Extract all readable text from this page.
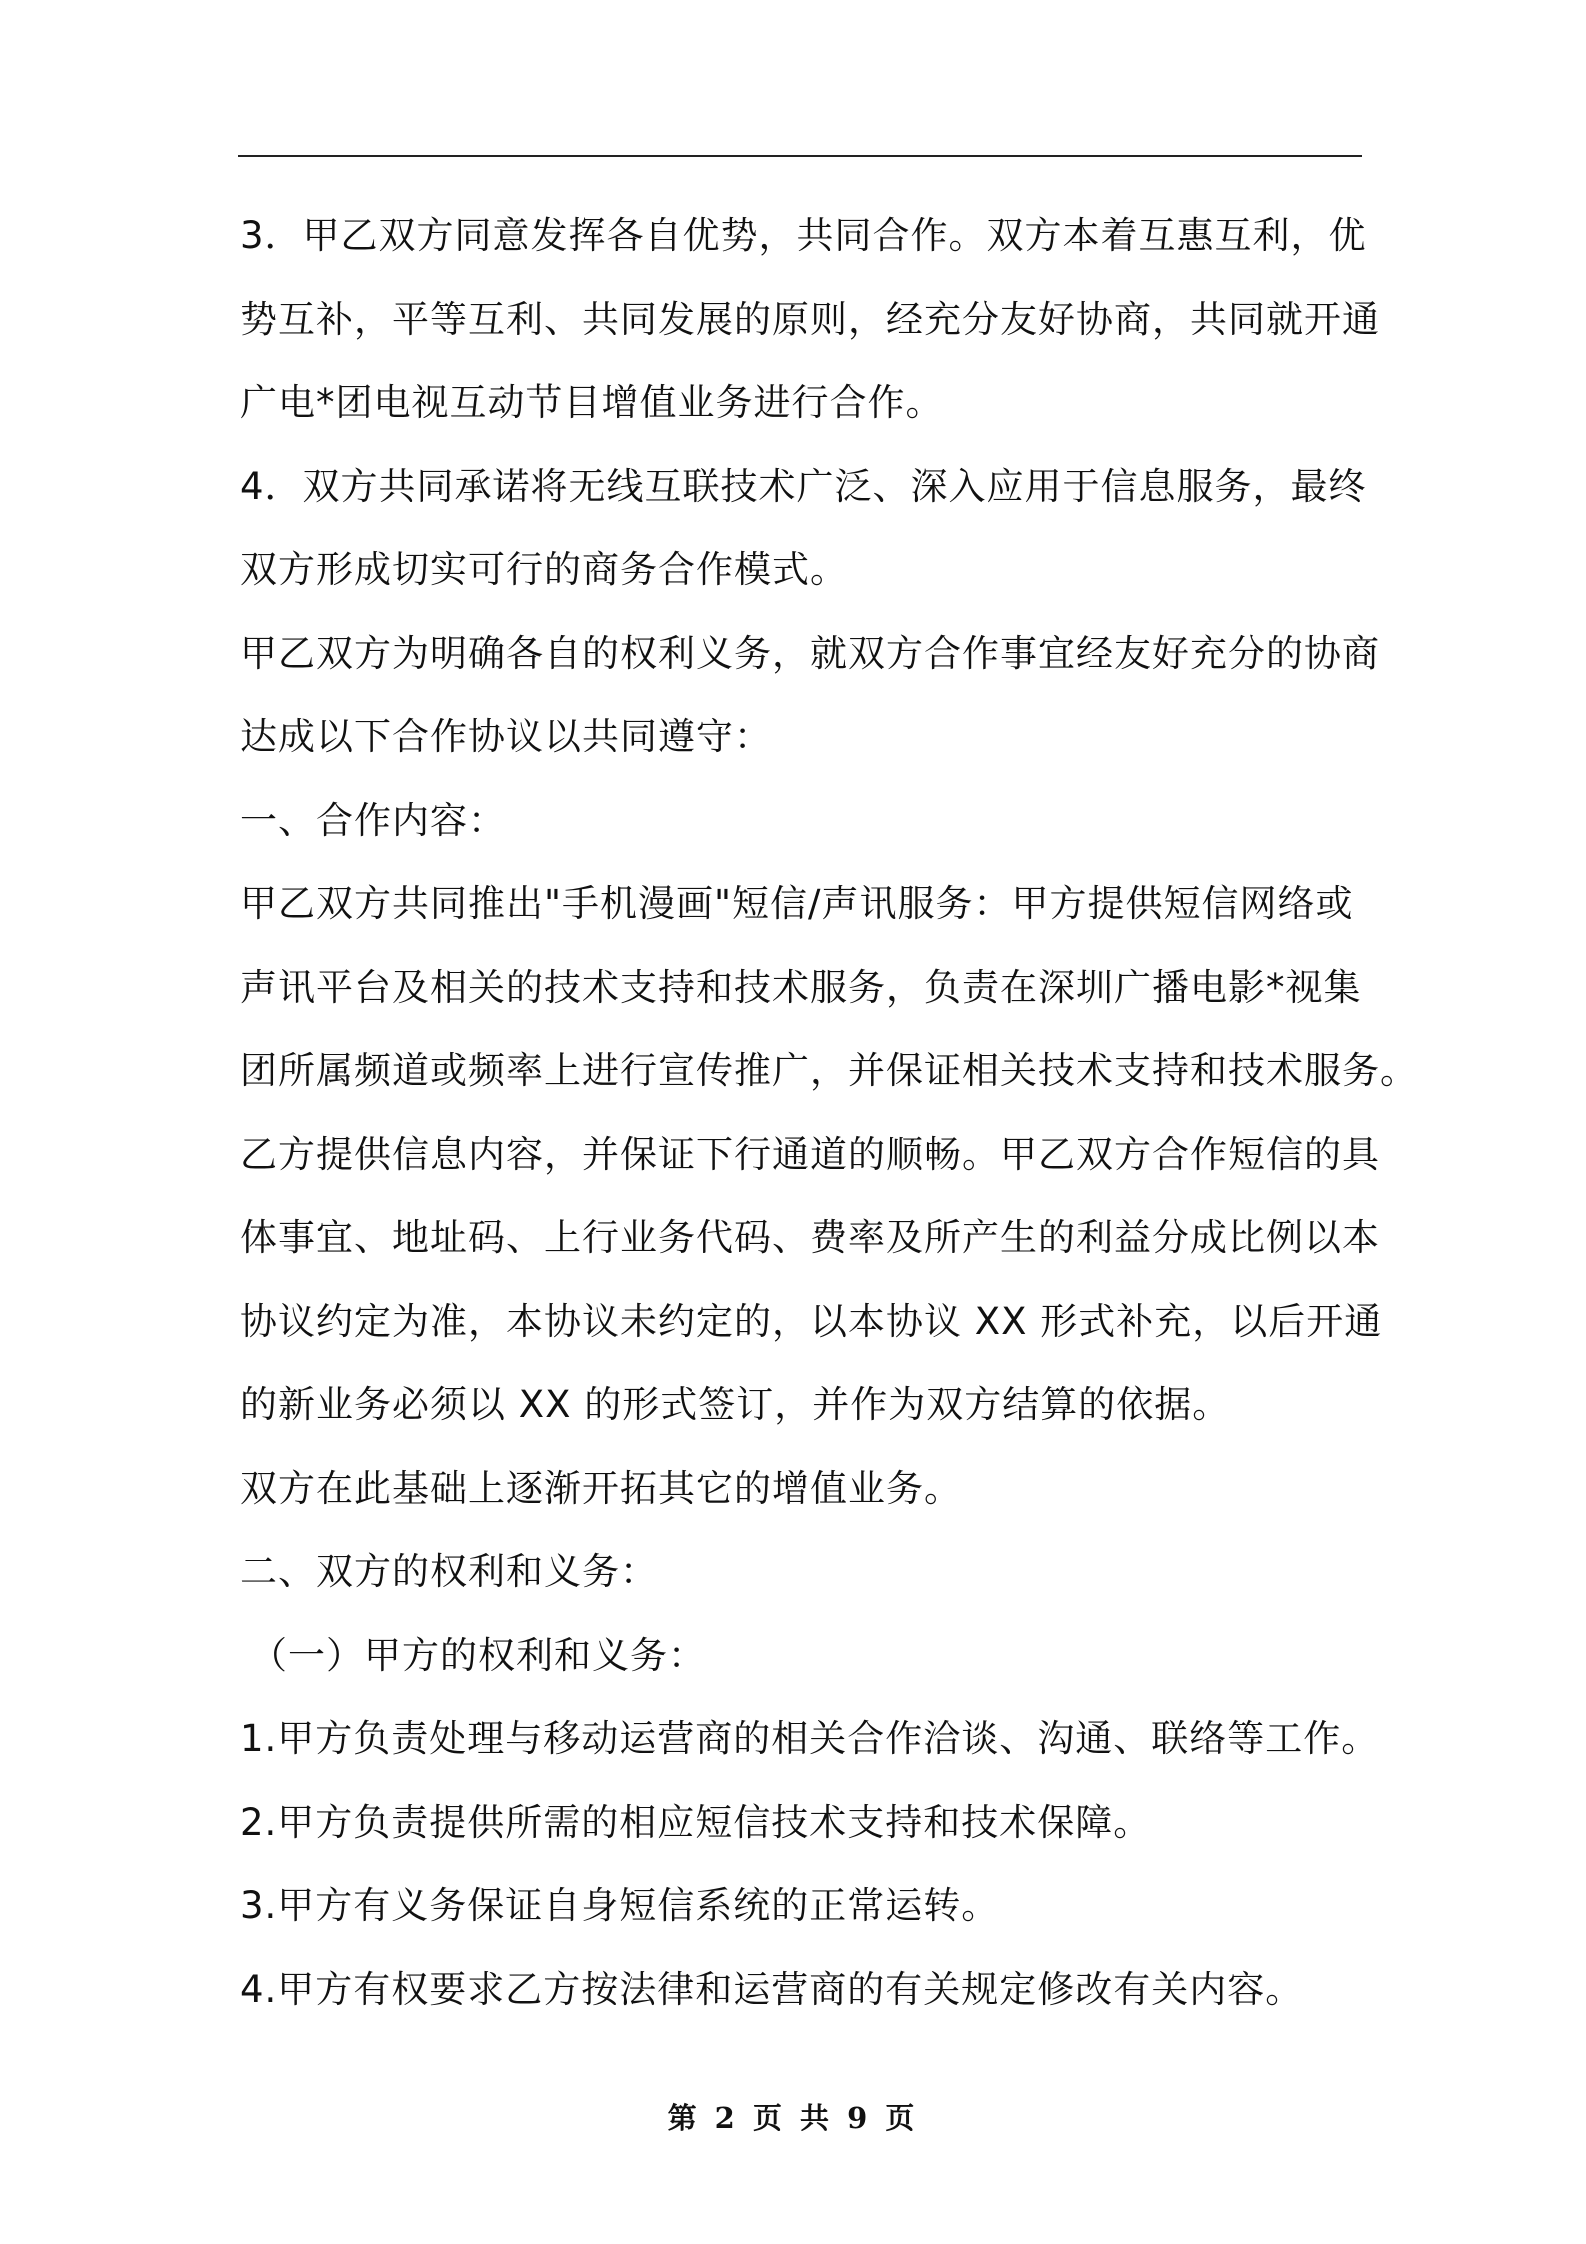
3．甲乙双方同意发挥各自优势，共同合作。双方本着互惠互利，优
势互补，平等互利、共同发展的原则，经充分友好协商，共同就开通
广电*团电视互动节目增值业务进行合作。
4．双方共同承诺将无线互联技术广泛、深入应用于信息服务，最终
双方形成切实可行的商务合作模式。
甲乙双方为明确各自的权利义务，就双方合作事宜经友好充分的协商
达成以下合作协议以共同遵守：
一、合作内容：
甲乙双方共同推出"手机漫画"短信/声讯服务：甲方提供短信网络或
声讯平台及相关的技术支持和技术服务，负责在深圳广播电影*视集
团所属频道或频率上进行宣传推广，并保证相关技术支持和技术服务。
乙方提供信息内容，并保证下行通道的顺畅。甲乙双方合作短信的具
体事宜、地址码、上行业务代码、费率及所产生的利益分成比例以本
协议约定为准，本协议未约定的，以本协议 XX 形式补充，以后开通
的新业务必须以 XX 的形式签订，并作为双方结算的依据。
双方在此基础上逐渐开拓其它的增值业务。
二、双方的权利和义务：
（一）甲方的权利和义务：
1.甲方负责处理与移动运营商的相关合作洽谈、沟通、联络等工作。
2.甲方负责提供所需的相应短信技术支持和技术保障。
3.甲方有义务保证自身短信系统的正常运转。
4.甲方有权要求乙方按法律和运营商的有关规定修改有关内容。
第 2 页 共 9 页
